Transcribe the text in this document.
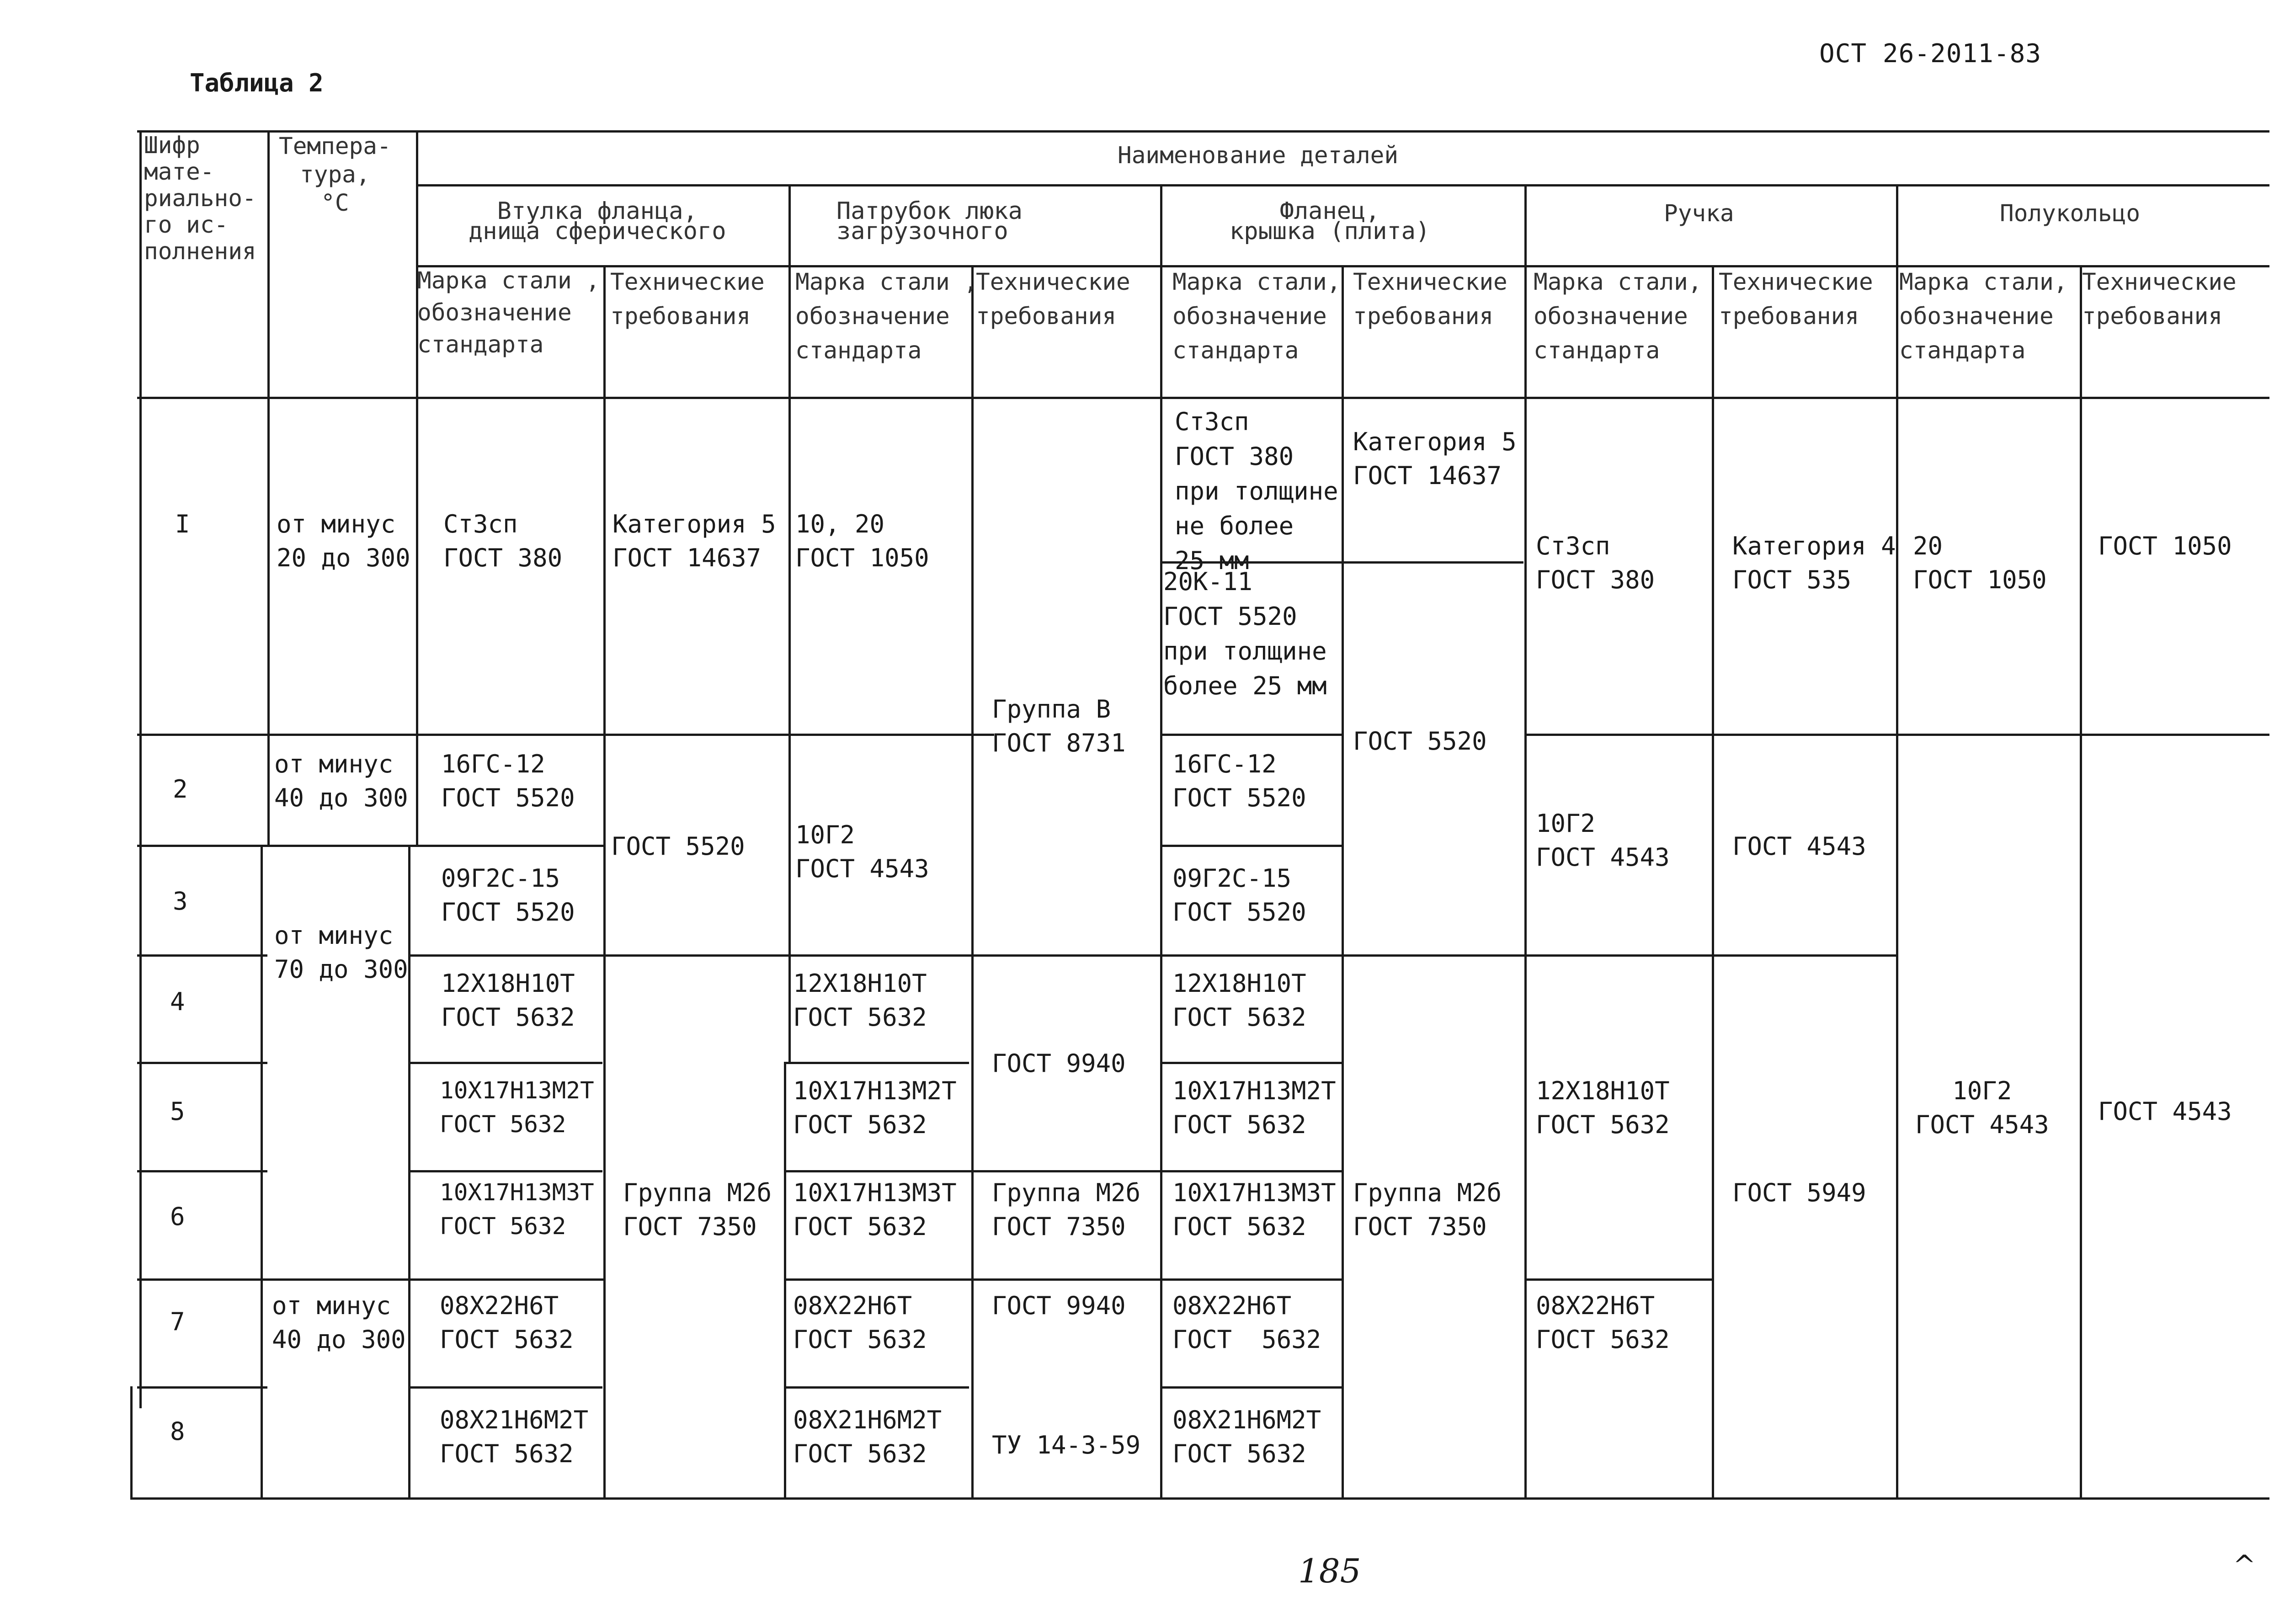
ОСТ 26-2011-83
Таблица 2
Шифр
мате-
риально-
го ис-
полнения
Темпера-
тура,
°С
Наименование деталей
Втулка фланца,
днища сферического
Патрубок люка
загрузочного
Фланец,
крышка (плита)
Ручка	Полукольцо
Марка стали ,
обозначение
стандарта
Технические
требования
Марка стали ,
обозначение
стандарта
Технические
требования
Марка стали,
обозначение
стандарта
Технические
требования
Марка стали,
обозначение
стандарта
Технические
требования
Марка стали,
обозначение
стандарта
Технические
требования
I
2
3
4
5
6
7
8
от минус
20 до 300
от минус
40 до 300
от минус
70 до 300
от минус
40 до 300
Ст3сп
ГОСТ 380
16ГС-12
ГОСТ 5520
09Г2С-15
ГОСТ 5520
12Х18Н10Т
ГОСТ 5632
10Х17Н13М2Т
ГОСТ 5632
10Х17Н13М3Т
ГОСТ 5632
08Х22Н6Т
ГОСТ 5632
08Х21Н6М2Т
ГОСТ 5632
Категория 5
ГОСТ 14637
ГОСТ 5520
Группа М2б
ГОСТ 7350
10, 20
ГОСТ 1050
10Г2
ГОСТ 4543
12Х18Н10Т
ГОСТ 5632
10Х17Н13М2Т
ГОСТ 5632
10Х17Н13М3Т
ГОСТ 5632
08Х22Н6Т
ГОСТ 5632
08Х21Н6М2Т
ГОСТ 5632
Группа В
ГОСТ 8731
ГОСТ 9940
Группа М2б
ГОСТ 7350
ГОСТ 9940
ТУ 14-3-59
Ст3сп
ГОСТ 380
при толщине
не более
25 мм
20К-11
ГОСТ 5520
при толщине
более 25 мм
16ГС-12
ГОСТ 5520
09Г2С-15
ГОСТ 5520
12Х18Н10Т
ГОСТ 5632
10Х17Н13М2Т
ГОСТ 5632
10Х17Н13М3Т
ГОСТ 5632
08Х22Н6Т
ГОСТ  5632
08Х21Н6М2Т
ГОСТ 5632
Категория 5
ГОСТ 14637
ГОСТ 5520
Группа М2б
ГОСТ 7350
Ст3сп
ГОСТ 380
10Г2
ГОСТ 4543
12Х18Н10Т
ГОСТ 5632
08Х22Н6Т
ГОСТ 5632
Категория 4
ГОСТ 535
ГОСТ 4543
ГОСТ 5949
20
ГОСТ 1050
10Г2
ГОСТ 4543
ГОСТ 1050
ГОСТ 4543
185	^
